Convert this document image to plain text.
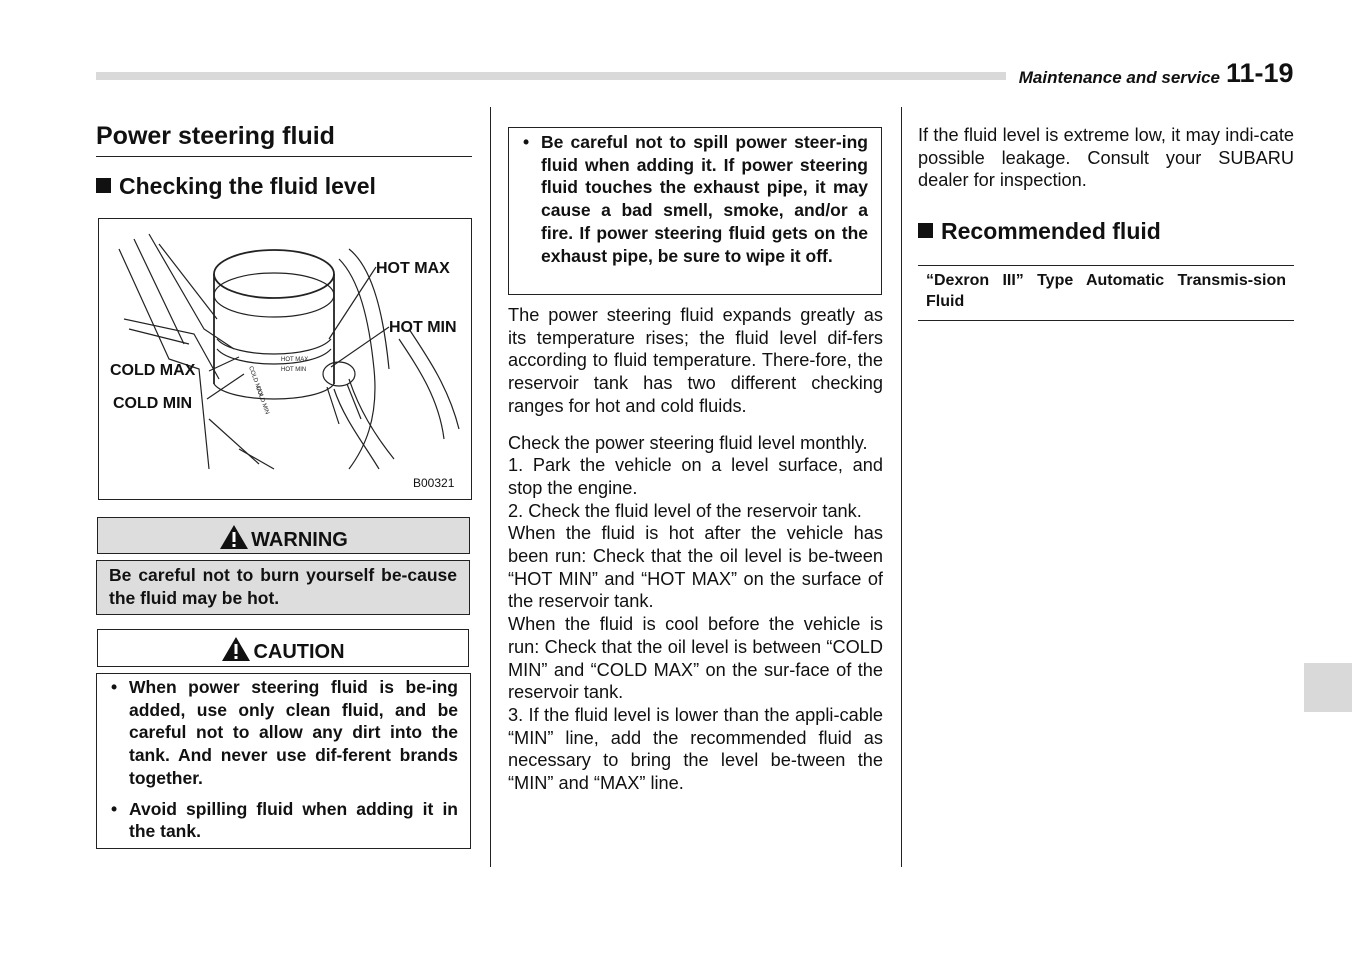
Maintenance and service 11-19
Power steering fluid
Checking the fluid level
COLD MAX
HOT MAX
HOT MIN
COLD MIN
HOT MAX
HOT MIN
COLD MAX
COLD MIN
B00321
WARNING
Be careful not to burn yourself be-cause the fluid may be hot.
CAUTION
• When power steering fluid is be-ing added, use only clean fluid, and be careful not to allow any dirt into the tank. And never use dif-ferent brands together.
• Avoid spilling fluid when adding it in the tank.
• Be careful not to spill power steer-ing fluid when adding it. If power steering fluid touches the exhaust pipe, it may cause a bad smell, smoke, and/or a fire. If power steering fluid gets on the exhaust pipe, be sure to wipe it off.
The power steering fluid expands greatly as its temperature rises; the fluid level dif-fers according to fluid temperature. There-fore, the reservoir tank has two different checking ranges for hot and cold fluids.
Check the power steering fluid level monthly.
1. Park the vehicle on a level surface, and stop the engine.
2. Check the fluid level of the reservoir tank.
When the fluid is hot after the vehicle has been run: Check that the oil level is be-tween “HOT MIN” and “HOT MAX” on the surface of the reservoir tank.
When the fluid is cool before the vehicle is run: Check that the oil level is between “COLD MIN” and “COLD MAX” on the sur-face of the reservoir tank.
3. If the fluid level is lower than the appli-cable “MIN” line, add the recommended fluid as necessary to bring the level be-tween the “MIN” and “MAX” line.
If the fluid level is extreme low, it may indi-cate possible leakage. Consult your SUBARU dealer for inspection.
Recommended fluid
“Dexron III” Type Automatic Transmis-sion Fluid
